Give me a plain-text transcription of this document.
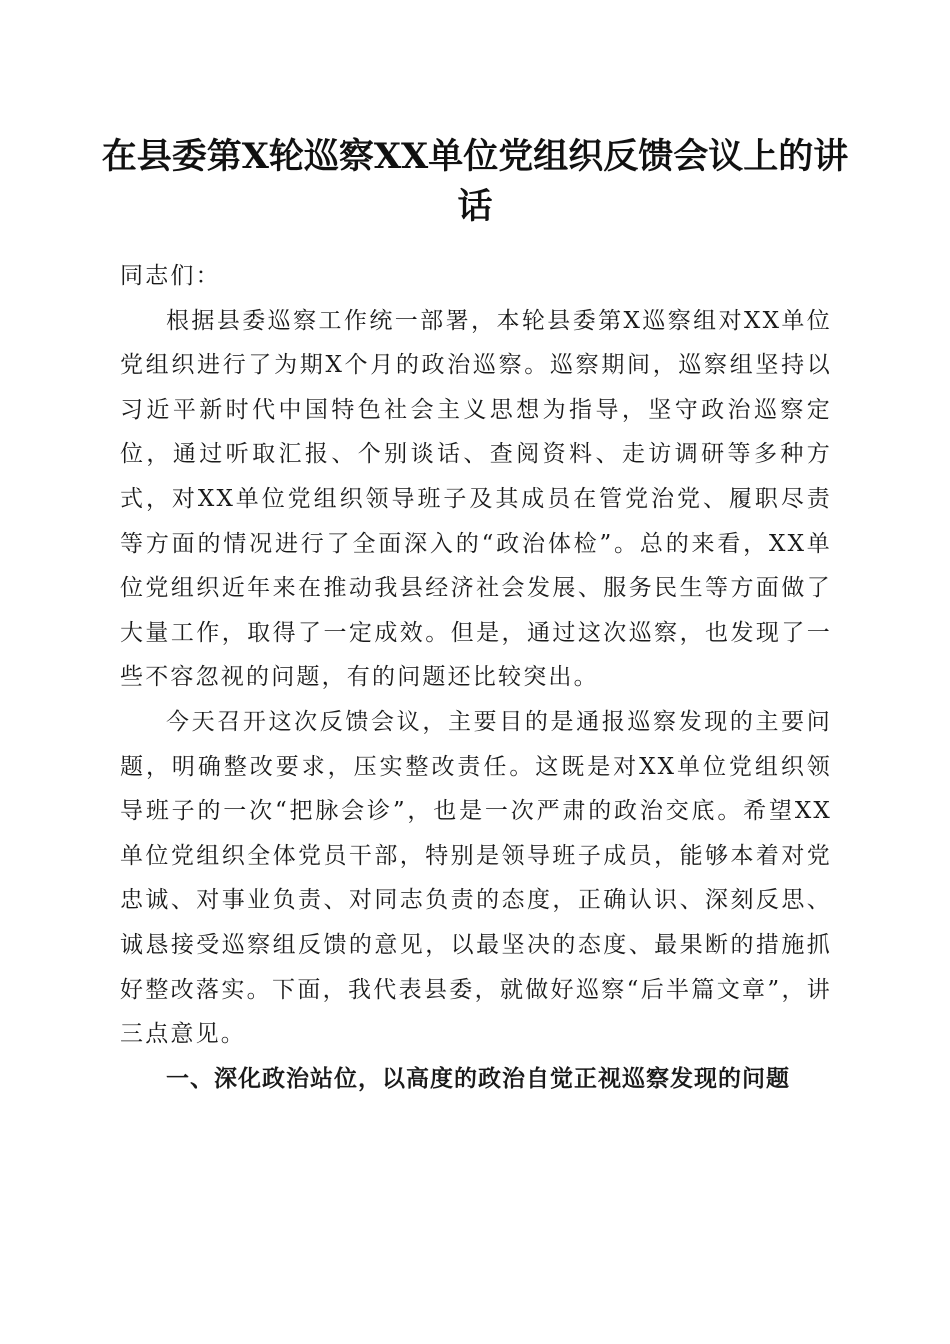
在县委第X轮巡察XX单位党组织反馈会议上的讲话

同志们：

根据县委巡察工作统一部署，本轮县委第X巡察组对XX单位党组织进行了为期X个月的政治巡察。巡察期间，巡察组坚持以习近平新时代中国特色社会主义思想为指导，坚守政治巡察定位，通过听取汇报、个别谈话、查阅资料、走访调研等多种方式，对XX单位党组织领导班子及其成员在管党治党、履职尽责等方面的情况进行了全面深入的“政治体检”。总的来看，XX单位党组织近年来在推动我县经济社会发展、服务民生等方面做了大量工作，取得了一定成效。但是，通过这次巡察，也发现了一些不容忽视的问题，有的问题还比较突出。

今天召开这次反馈会议，主要目的是通报巡察发现的主要问题，明确整改要求，压实整改责任。这既是对XX单位党组织领导班子的一次“把脉会诊”，也是一次严肃的政治交底。希望XX单位党组织全体党员干部，特别是领导班子成员，能够本着对党忠诚、对事业负责、对同志负责的态度，正确认识、深刻反思、诚恳接受巡察组反馈的意见，以最坚决的态度、最果断的措施抓好整改落实。下面，我代表县委，就做好巡察“后半篇文章”，讲三点意见。

一、深化政治站位，以高度的政治自觉正视巡察发现的问题
